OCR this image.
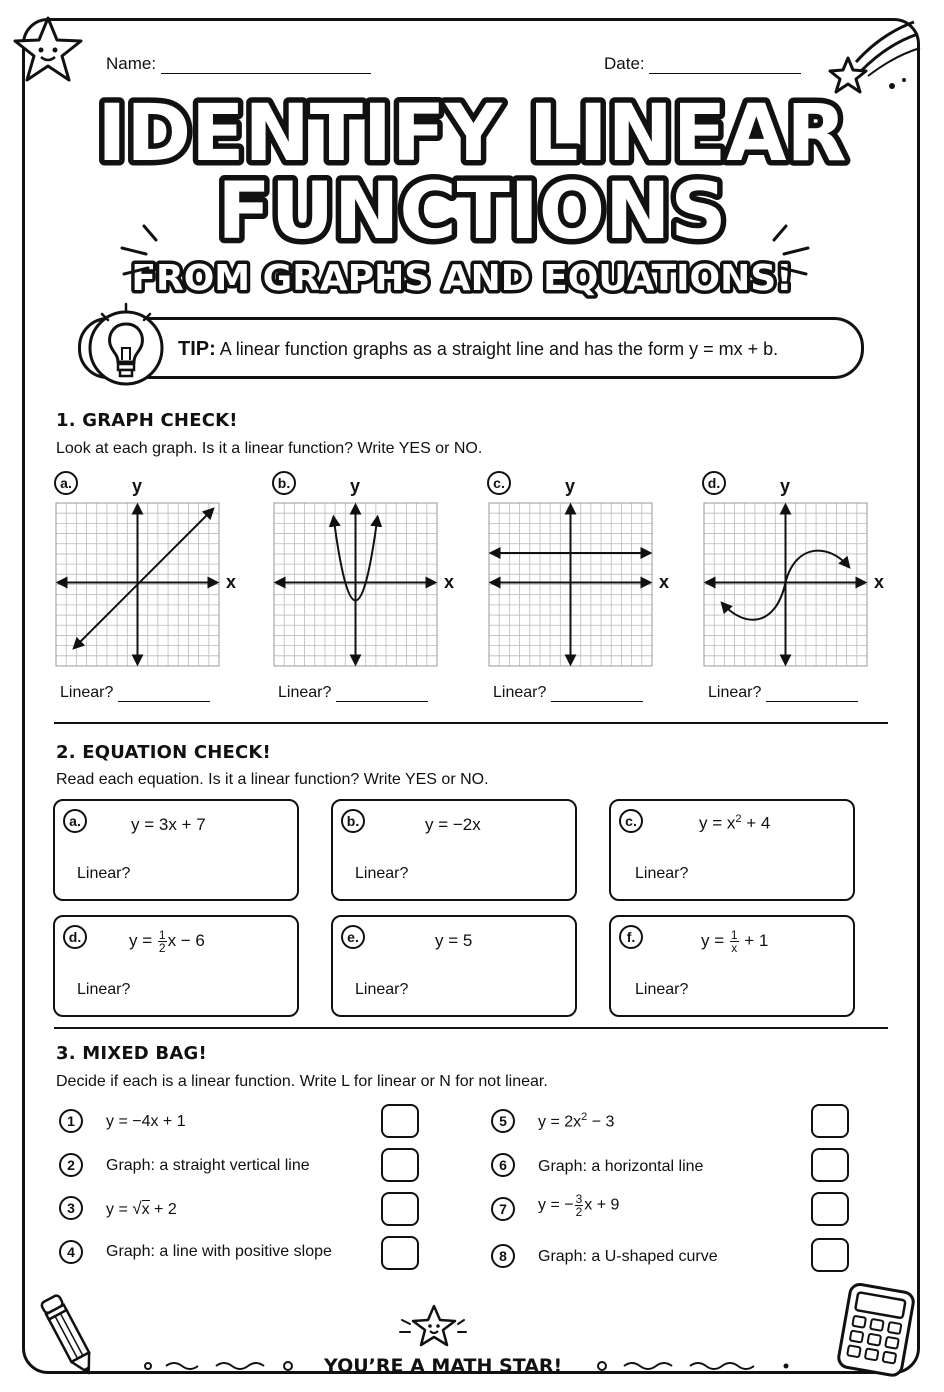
Name:	Date:
IDENTIFY LINEAR
FUNCTIONS
FROM GRAPHS AND EQUATIONS!
TIP: A linear function graphs as a straight line and has the form y = mx + b.
1. GRAPH CHECK!
Look at each graph. Is it a linear function? Write YES or NO.
a.	y
x
Linear?
b.	y
x
Linear?
c.	y
x
Linear?
d.	y
x
Linear?
2. EQUATION CHECK!
Read each equation. Is it a linear function? Write YES or NO.
a.	y = 3x + 7
Linear?
b.	y = −2x
Linear?
c.	$y = x^2 + 4$
Linear?
d.	$y = \frac{1}{2}$ x − 6
Linear?
e.	y = 5
Linear?
f.	$y = \frac{1}{x} + 1$
Linear?
3. MIXED BAG!
Decide if each is a linear function. Write L for linear or N for not linear.
1	y = −4x + 1
2	Graph: a straight vertical line
3	y = √x + 2
4	Graph: a line with positive slope
5	$y = 2x^2 - 3$
6	Graph: a horizontal line
7	y = − $\frac{3}{2}$ x + 9
8	Graph: a U-shaped curve
YOU’RE A MATH STAR!
